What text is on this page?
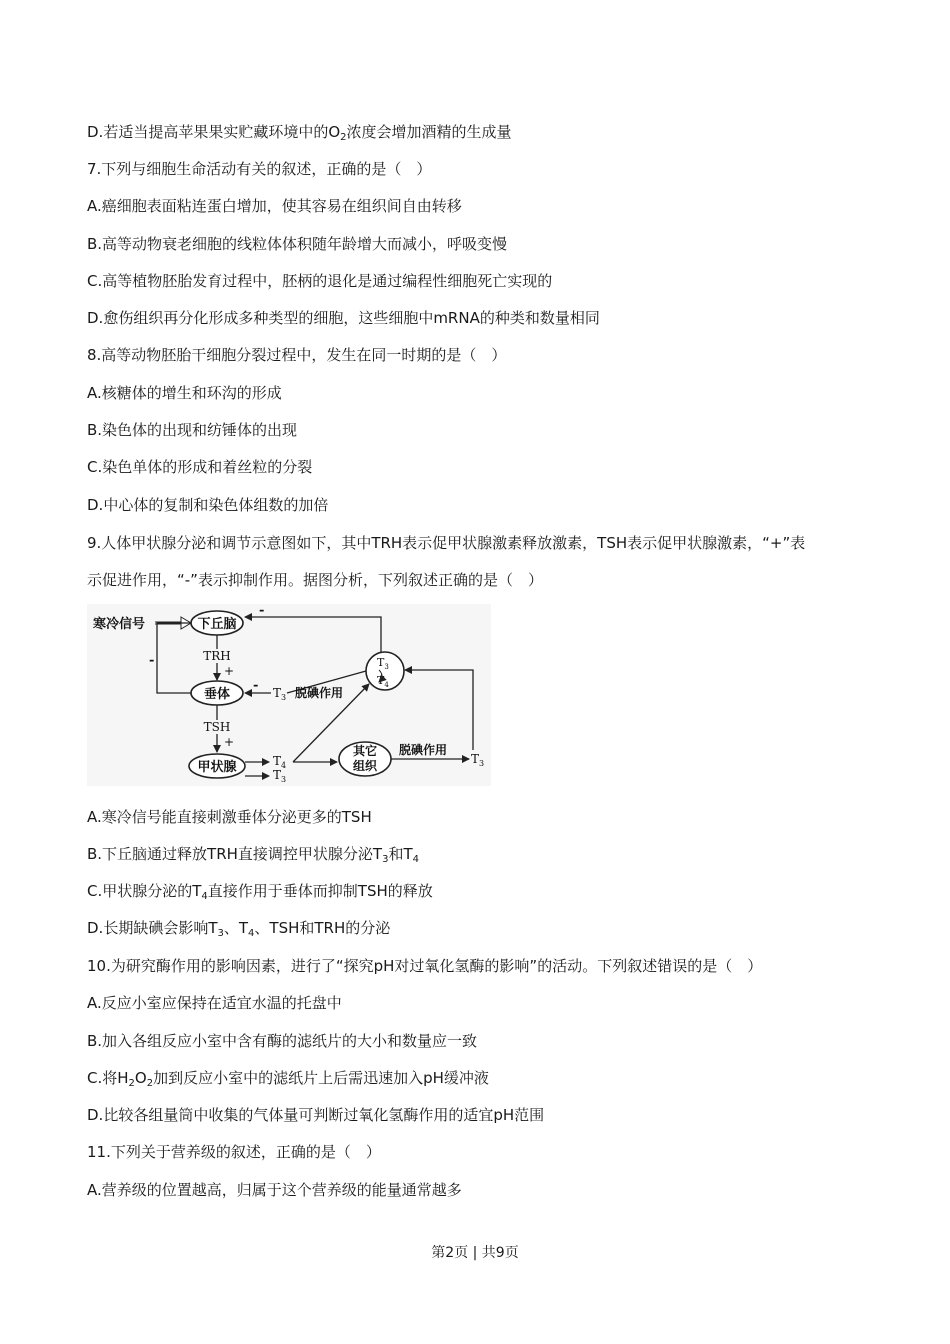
D.若适当提高苹果果实贮藏环境中的$O_2$浓度会增加酒精的生成量
7.下列与细胞生命活动有关的叙述，正确的是（　）
A.癌细胞表面粘连蛋白增加，使其容易在组织间自由转移
B.高等动物衰老细胞的线粒体体积随年龄增大而减小，呼吸变慢
C.高等植物胚胎发育过程中，胚柄的退化是通过编程性细胞死亡实现的
D.愈伤组织再分化形成多种类型的细胞，这些细胞中mRNA的种类和数量相同
8.高等动物胚胎干细胞分裂过程中，发生在同一时期的是（　）
A.核糖体的增生和环沟的形成
B.染色体的出现和纺锤体的出现
C.染色单体的形成和着丝粒的分裂
D.中心体的复制和染色体组数的加倍
9.人体甲状腺分泌和调节示意图如下，其中TRH表示促甲状腺激素释放激素，TSH表示促甲状腺激素，“+”表
示促进作用，“-”表示抑制作用。据图分析，下列叙述正确的是（　）
寒冷信号	下丘脑
TRH
+
垂体
-
TSH
+
甲状腺	$T_4$
$T_3$
其它
组织
脱碘作用
$T_3$
$T_3$
$T_4$
-
$T_3$
-	脱碘作用
A.寒冷信号能直接刺激垂体分泌更多的TSH
B.下丘脑通过释放TRH直接调控甲状腺分泌$T_3$和$T_4$
C.甲状腺分泌的$T_4$直接作用于垂体而抑制TSH的释放
D.长期缺碘会影响$T_3$、$T_4$、TSH和TRH的分泌
10.为研究酶作用的影响因素，进行了“探究pH对过氧化氢酶的影响”的活动。下列叙述错误的是（　）
A.反应小室应保持在适宜水温的托盘中
B.加入各组反应小室中含有酶的滤纸片的大小和数量应一致
C.将$H_2O_2$加到反应小室中的滤纸片上后需迅速加入pH缓冲液
D.比较各组量筒中收集的气体量可判断过氧化氢酶作用的适宜pH范围
11.下列关于营养级的叙述，正确的是（　）
A.营养级的位置越高，归属于这个营养级的能量通常越多
第2页 | 共9页
